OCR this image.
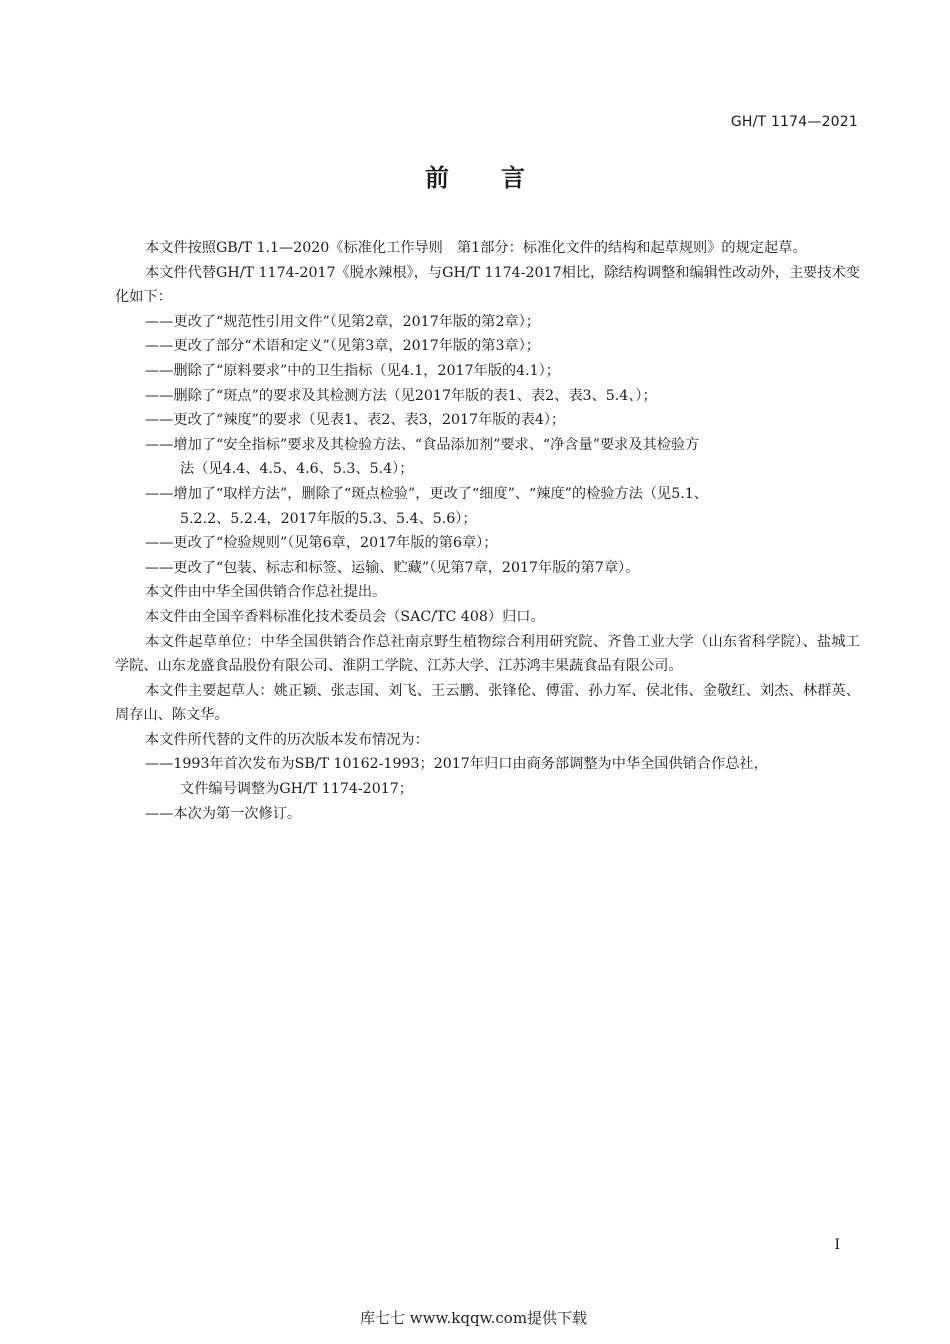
GH/T 1174—2021
前 言

本文件按照GB/T 1.1—2020《标准化工作导则　第1部分：标准化文件的结构和起草规则》的规定起草。

本文件代替GH/T 1174-2017《脱水辣根》，与GH/T 1174-2017相比，除结构调整和编辑性改动外，主要技术变化如下：

——更改了“规范性引用文件”（见第2章，2017年版的第2章）；
——更改了部分“术语和定义”（见第3章，2017年版的第3章）；
——删除了“原料要求”中的卫生指标（见4.1，2017年版的4.1）；
——删除了“斑点”的要求及其检测方法（见2017年版的表1、表2、表3、5.4、）；
——更改了“辣度”的要求（见表1、表2、表3，2017年版的表4）；
——增加了“安全指标”要求及其检验方法、“食品添加剂”要求、“净含量”要求及其检验方
法（见4.4、4.5、4.6、5.3、5.4）；
——增加了“取样方法”，删除了“斑点检验”，更改了“细度”、“辣度”的检验方法（见5.1、
5.2.2、5.2.4，2017年版的5.3、5.4、5.6）；
——更改了“检验规则”（见第6章，2017年版的第6章）；
——更改了“包装、标志和标签、运输、贮藏”（见第7章，2017年版的第7章）。

本文件由中华全国供销合作总社提出。

本文件由全国辛香料标准化技术委员会（SAC/TC 408）归口。

本文件起草单位：中华全国供销合作总社南京野生植物综合利用研究院、齐鲁工业大学（山东省科学院）、盐城工学院、山东龙盛食品股份有限公司、淮阴工学院、江苏大学、江苏鸿丰果蔬食品有限公司。

本文件主要起草人：姚正颖、张志国、刘飞、王云鹏、张锋伦、傅雷、孙力军、侯北伟、金敬红、刘杰、林群英、周存山、陈文华。

本文件所代替的文件的历次版本发布情况为：

——1993年首次发布为SB/T 10162-1993；2017年归口由商务部调整为中华全国供销合作总社，
文件编号调整为GH/T 1174-2017；
——本次为第一次修订。
I
库七七 www.kqqw.com提供下载
